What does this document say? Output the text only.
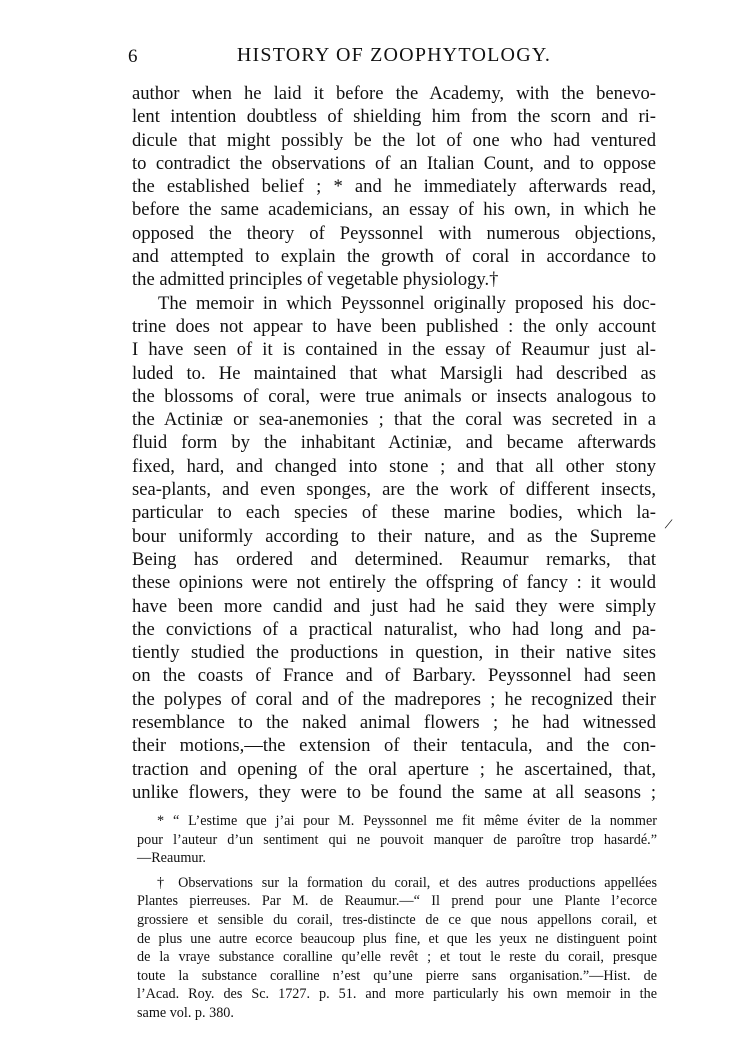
6	HISTORY OF ZOOPHYTOLOGY.
author when he laid it before the Academy, with the benevo-
lent intention doubtless of shielding him from the scorn and ri-
dicule that might possibly be the lot of one who had ventured
to contradict the observations of an Italian Count, and to oppose
the established belief ; * and he immediately afterwards read,
before the same academicians, an essay of his own, in which he
opposed the theory of Peyssonnel with numerous objections,
and attempted to explain the growth of coral in accordance to
the admitted principles of vegetable physiology.†
The memoir in which Peyssonnel originally proposed his doc-
trine does not appear to have been published : the only account
I have seen of it is contained in the essay of Reaumur just al-
luded to. He maintained that what Marsigli had described as
the blossoms of coral, were true animals or insects analogous to
the Actiniæ or sea-anemonies ; that the coral was secreted in a
fluid form by the inhabitant Actiniæ, and became afterwards
fixed, hard, and changed into stone ; and that all other stony
sea-plants, and even sponges, are the work of different insects,
particular to each species of these marine bodies, which la-
bour uniformly according to their nature, and as the Supreme
Being has ordered and determined. Reaumur remarks, that
these opinions were not entirely the offspring of fancy : it would
have been more candid and just had he said they were simply
the convictions of a practical naturalist, who had long and pa-
tiently studied the productions in question, in their native sites
on the coasts of France and of Barbary. Peyssonnel had seen
the polypes of coral and of the madrepores ; he recognized their
resemblance to the naked animal flowers ; he had witnessed
their motions,—the extension of their tentacula, and the con-
traction and opening of the oral aperture ; he ascertained, that,
unlike flowers, they were to be found the same at all seasons ;
/
* “ L’estime que j’ai pour M. Peyssonnel me fit même éviter de la nommer
pour l’auteur d’un sentiment qui ne pouvoit manquer de paroître trop hasardé.”
—Reaumur.
† Observations sur la formation du corail, et des autres productions appellées
Plantes pierreuses. Par M. de Reaumur.—“ Il prend pour une Plante l’ecorce
grossiere et sensible du corail, tres-distincte de ce que nous appellons corail, et
de plus une autre ecorce beaucoup plus fine, et que les yeux ne distinguent point
de la vraye substance coralline qu’elle revêt ; et tout le reste du corail, presque
toute la substance coralline n’est qu’une pierre sans organisation.”—Hist. de
l’Acad. Roy. des Sc. 1727. p. 51. and more particularly his own memoir in the
same vol. p. 380.
